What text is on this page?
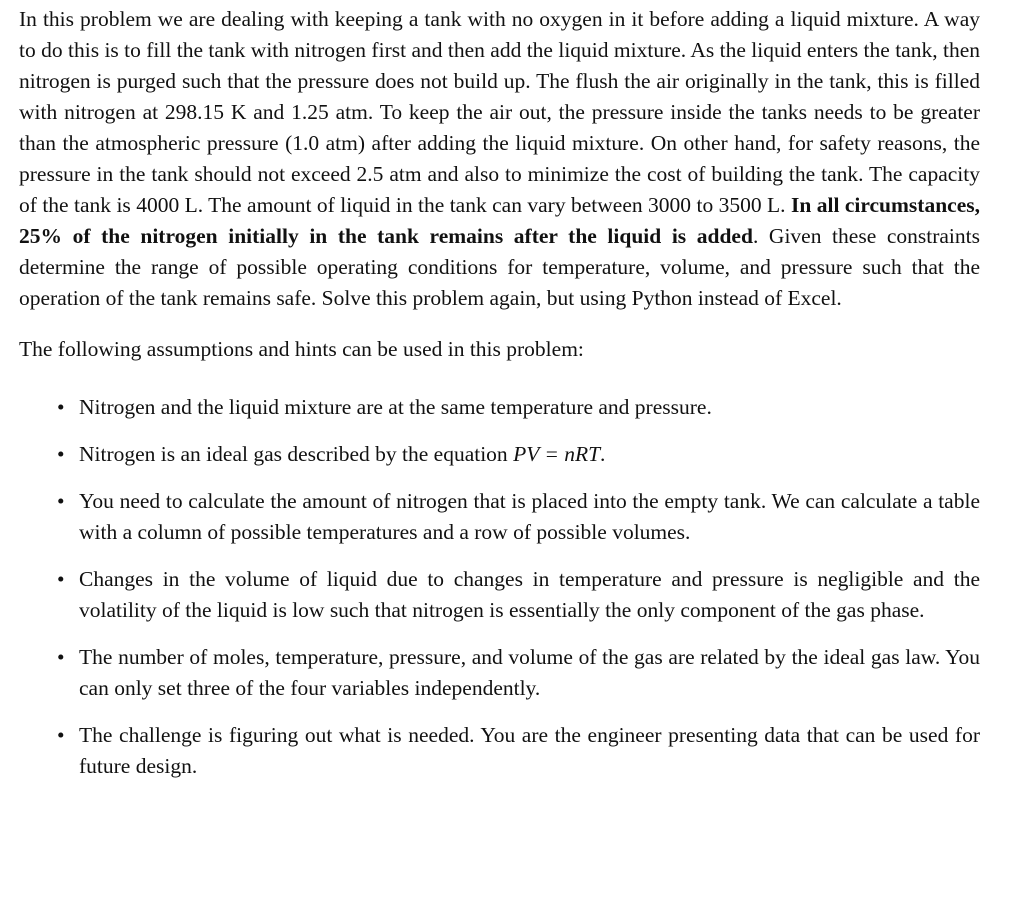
In this problem we are dealing with keeping a tank with no oxygen in it before adding a liquid mixture. A way to do this is to fill the tank with nitrogen first and then add the liquid mixture. As the liquid enters the tank, then nitrogen is purged such that the pressure does not build up. The flush the air originally in the tank, this is filled with nitrogen at 298.15 K and 1.25 atm. To keep the air out, the pressure inside the tanks needs to be greater than the atmospheric pressure (1.0 atm) after adding the liquid mixture. On other hand, for safety reasons, the pressure in the tank should not exceed 2.5 atm and also to minimize the cost of building the tank. The capacity of the tank is 4000 L. The amount of liquid in the tank can vary between 3000 to 3500 L. In all circumstances, 25% of the nitrogen initially in the tank remains after the liquid is added. Given these constraints determine the range of possible operating conditions for temperature, volume, and pressure such that the operation of the tank remains safe. Solve this problem again, but using Python instead of Excel.

The following assumptions and hints can be used in this problem:

• Nitrogen and the liquid mixture are at the same temperature and pressure.
• Nitrogen is an ideal gas described by the equation PV = nRT.
• You need to calculate the amount of nitrogen that is placed into the empty tank. We can calculate a table with a column of possible temperatures and a row of possible volumes.
• Changes in the volume of liquid due to changes in temperature and pressure is negligible and the volatility of the liquid is low such that nitrogen is essentially the only component of the gas phase.
• The number of moles, temperature, pressure, and volume of the gas are related by the ideal gas law. You can only set three of the four variables independently.
• The challenge is figuring out what is needed. You are the engineer presenting data that can be used for future design.
